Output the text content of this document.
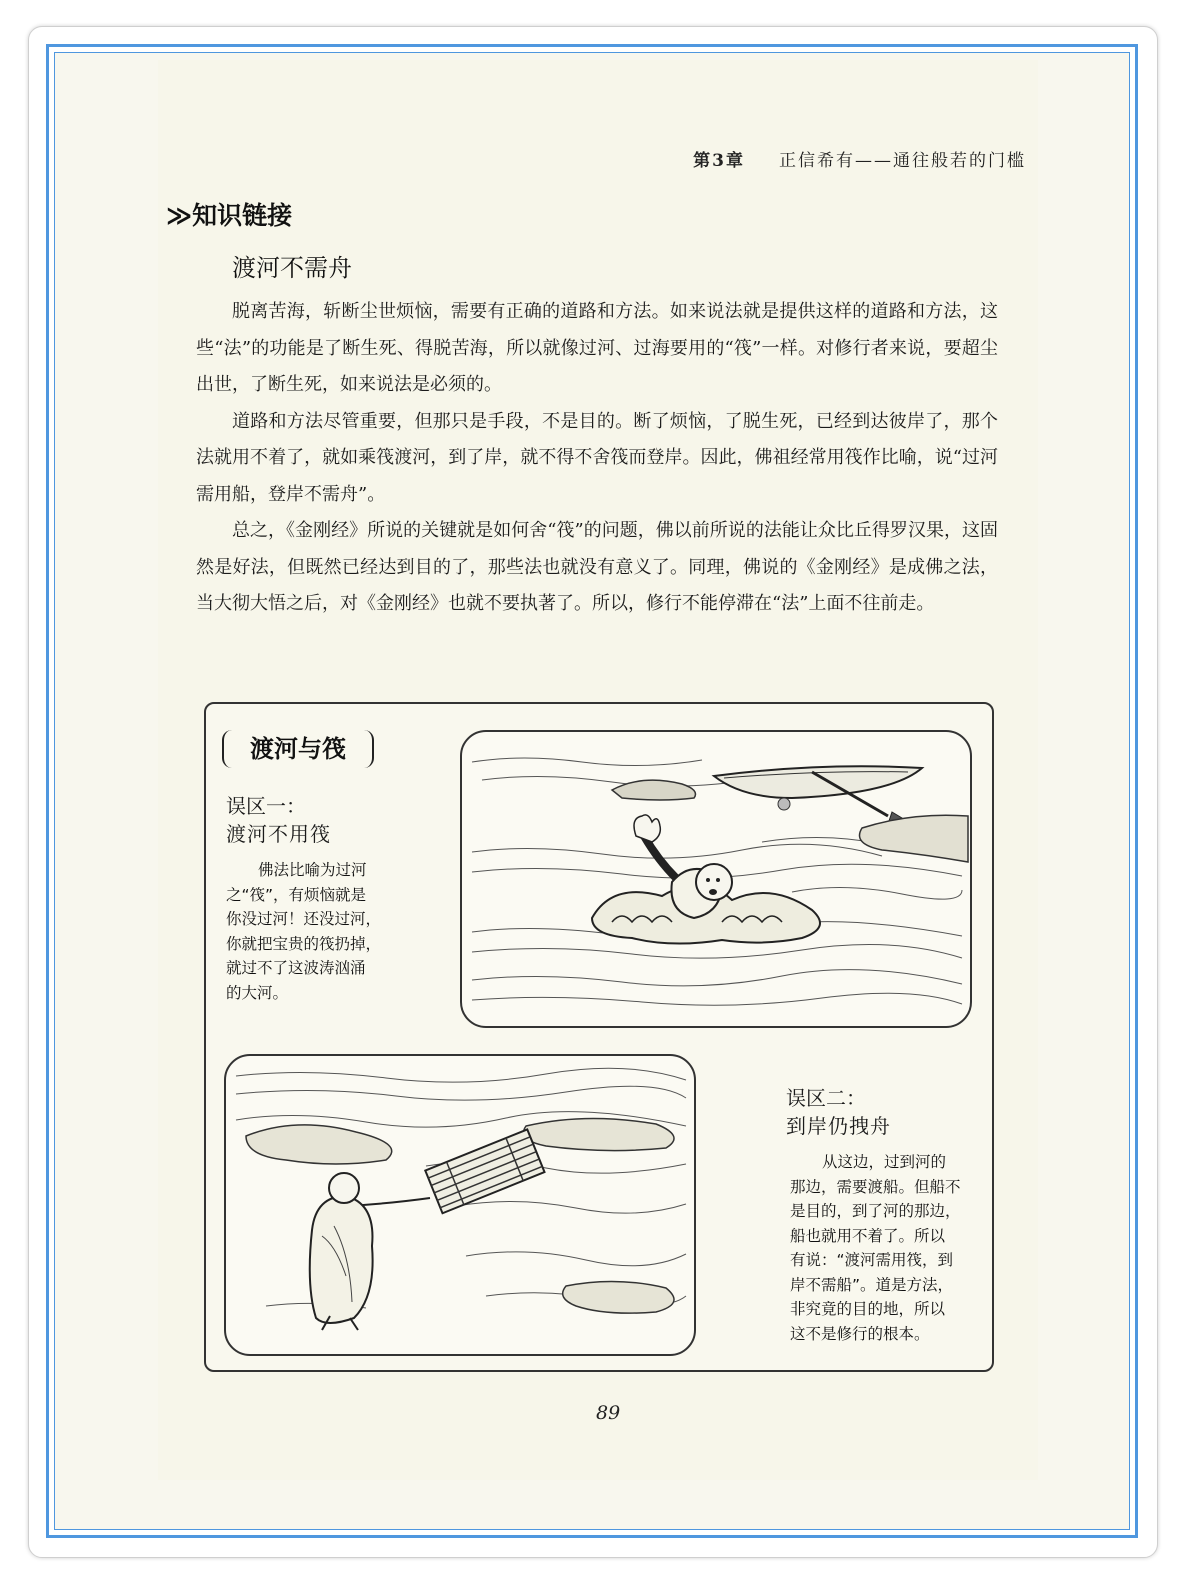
第3章 正信希有——通往般若的门槛
≫知识链接
渡河不需舟

脱离苦海，斩断尘世烦恼，需要有正确的道路和方法。如来说法就是提供这样的道路和方法，这些“法”的功能是了断生死、得脱苦海，所以就像过河、过海要用的“筏”一样。对修行者来说，要超尘出世，了断生死，如来说法是必须的。

道路和方法尽管重要，但那只是手段，不是目的。断了烦恼，了脱生死，已经到达彼岸了，那个法就用不着了，就如乘筏渡河，到了岸，就不得不舍筏而登岸。因此，佛祖经常用筏作比喻，说“过河需用船，登岸不需舟”。

总之，《金刚经》所说的关键就是如何舍“筏”的问题，佛以前所说的法能让众比丘得罗汉果，这固然是好法，但既然已经达到目的了，那些法也就没有意义了。同理，佛说的《金刚经》是成佛之法，当大彻大悟之后，对《金刚经》也就不要执著了。所以，修行不能停滞在“法”上面不往前走。

渡河与筏
误区一：
渡河不用筏
佛法比喻为过河
之“筏”，有烦恼就是
你没过河！还没过河，
你就把宝贵的筏扔掉，
就过不了这波涛汹涌
的大河。
误区二：
到岸仍拽舟
从这边，过到河的
那边，需要渡船。但船不
是目的，到了河的那边，
船也就用不着了。所以
有说：“渡河需用筏，到
岸不需船”。道是方法，
非究竟的目的地，所以
这不是修行的根本。
89
